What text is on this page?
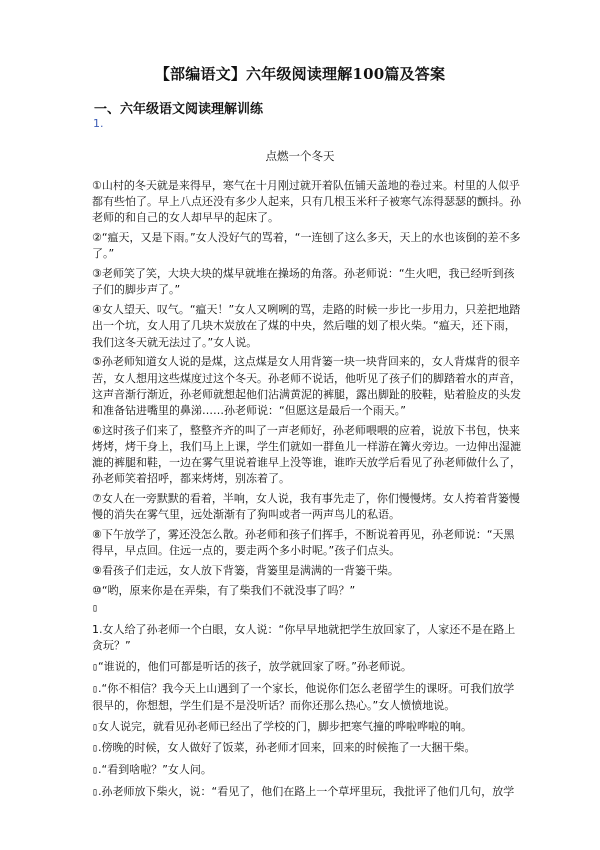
【部编语文】六年级阅读理解100篇及答案
一、六年级语文阅读理解训练
1.
点燃一个冬天

①山村的冬天就是来得早，寒气在十月刚过就开着队伍铺天盖地的卷过来。村里的人似乎都有些怕了。早上八点还没有多少人起来，只有几根玉米秆子被寒气冻得瑟瑟的颤抖。孙老师的和自己的女人却早早的起床了。

②“瘟天，又是下雨。”女人没好气的骂着，“一连刨了这么多天，天上的水也该倒的差不多了。”

③老师笑了笑，大块大块的煤早就堆在操场的角落。孙老师说：“生火吧，我已经听到孩子们的脚步声了。”

④女人望天、叹气。“瘟天！”女人又咧咧的骂，走路的时候一步比一步用力，只差把地踏出一个坑，女人用了几块木炭放在了煤的中央，然后嗤的划了根火柴。“瘟天，还下雨，我们这冬天就无法过了。”女人说。

⑤孙老师知道女人说的是煤，这点煤是女人用背篓一块一块背回来的，女人背煤背的很辛苦，女人想用这些煤度过这个冬天。孙老师不说话，他听见了孩子们的脚踏着水的声音，这声音渐行渐近，孙老师就想起他们沾满黄泥的裤腿，露出脚趾的胶鞋，贴着脸皮的头发和准备钻进嘴里的鼻涕……孙老师说：“但愿这是最后一个雨天。”

⑥这时孩子们来了，整整齐齐的叫了一声老师好，孙老师喂喂的应着，说放下书包，快来烤烤，烤干身上，我们马上上课，学生们就如一群鱼儿一样游在篝火旁边。一边伸出湿漉漉的裤腿和鞋，一边在雾气里说着谁早上没等谁，谁昨天放学后看见了孙老师做什么了，孙老师笑着招呼，都来烤烤，别冻着了。

⑦女人在一旁默默的看着，半响，女人说，我有事先走了，你们慢慢烤。女人挎着背篓慢慢的消失在雾气里，远处渐渐有了狗叫或者一两声鸟儿的私语。

⑧下午放学了，雾还没怎么散。孙老师和孩子们挥手，不断说着再见，孙老师说：“天黑得早，早点回。住远一点的，要走两个多小时呢。”孩子们点头。

⑨看孩子们走远，女人放下背篓，背篓里是满满的一背篓干柴。

⑩“哟，原来你是在弄柴，有了柴我们不就没事了吗？”

▯

1.女人给了孙老师一个白眼，女人说：“你早早地就把学生放回家了，人家还不是在路上贪玩？”

▯“谁说的，他们可都是听话的孩子，放学就回家了呀。”孙老师说。

▯.“你不相信？我今天上山遇到了一个家长，他说你们怎么老留学生的课呀。可我们放学很早的，你想想，学生们是不是没听话？而你还那么热心。”女人愤愤地说。

▯女人说完，就看见孙老师已经出了学校的门，脚步把寒气撞的哗啦哗啦的响。

▯.傍晚的时候，女人做好了饭菜，孙老师才回来，回来的时候拖了一大捆干柴。

▯.“看到啥啦？”女人问。

▯.孙老师放下柴火，说：“看见了，他们在路上一个草坪里玩，我批评了他们几句，放学
